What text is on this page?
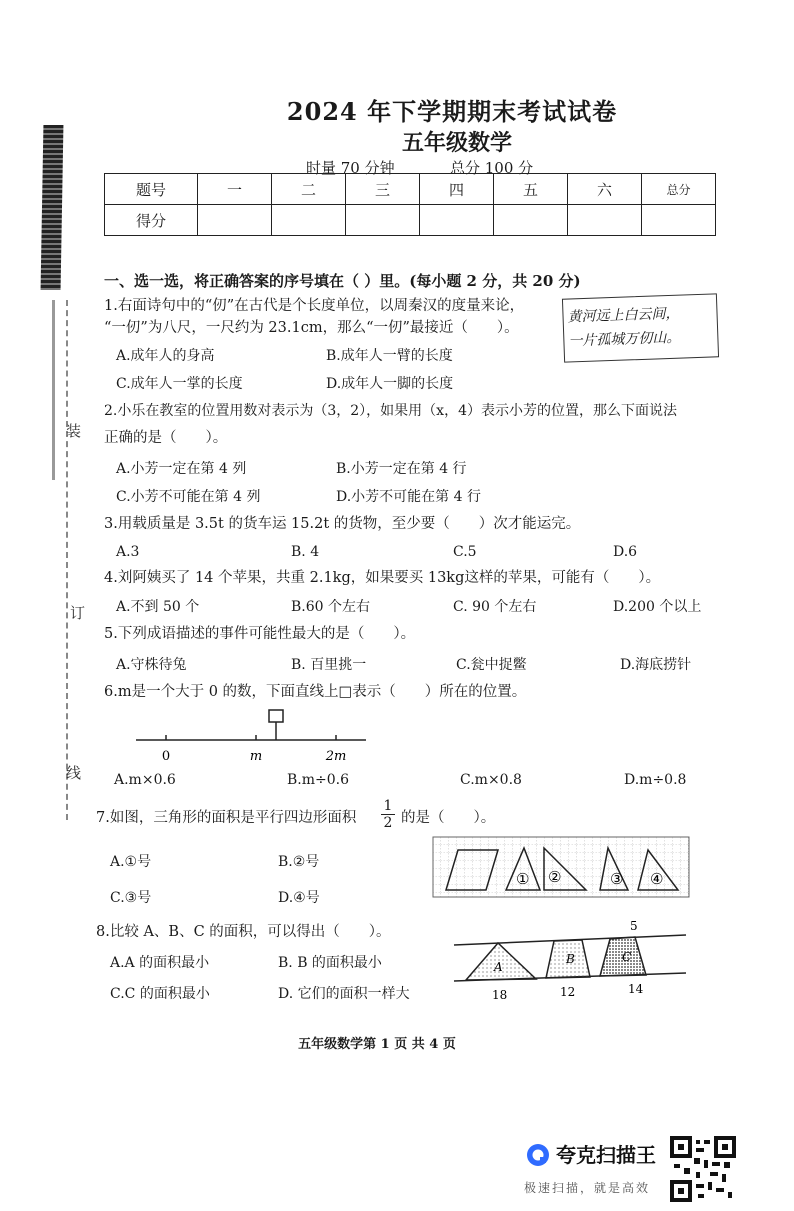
装
订
线
2024 年下学期期末考试试卷
五年级数学
时量 70 分钟	总分 100 分
题号	一	二	三	四	五	六	总分
得分							
一、选一选，将正确答案的序号填在（ ）里。(每小题 2 分，共 20 分)
1.右面诗句中的“仞”在古代是个长度单位，以周秦汉的度量来论，
“一仞”为八尺，一尺约为 23.1cm，那么“一仞”最接近（　　）。
黄河远上白云间，
一片孤城万仞山。
A.成年人的身高	B.成年人一臂的长度
C.成年人一掌的长度	D.成年人一脚的长度
2.小乐在教室的位置用数对表示为（3，2），如果用（x，4）表示小芳的位置，那么下面说法
正确的是（　　）。
A.小芳一定在第 4 列	B.小芳一定在第 4 行
C.小芳不可能在第 4 列	D.小芳不可能在第 4 行
3.用载质量是 3.5t 的货车运 15.2t 的货物，至少要（　　）次才能运完。
A.3	B. 4	C.5	D.6
4.刘阿姨买了 14 个苹果，共重 2.1kg，如果要买 13kg这样的苹果，可能有（　　）。
A.不到 50 个	B.60 个左右	C. 90 个左右	D.200 个以上
5.下列成语描述的事件可能性最大的是（　　）。
A.守株待兔	B. 百里挑一	C.瓮中捉鳖	D.海底捞针
6.m是一个大于 0 的数，下面直线上□表示（　　）所在的位置。
0	m	2m
A.m×0.6	B.m÷0.6	C.m×0.8	D.m÷0.8
7.如图，三角形的面积是平行四边形面积 $\frac{1}{2}$ 的是（　　）。
A.①号	B.②号
C.③号	D.④号
① ②	③ ④
8.比较 A、B、C 的面积，可以得出（　　）。
A.A 的面积最小	B. B 的面积最小
C.C 的面积最小	D. 它们的面积一样大
5
A
B	C
18	12	14
五年级数学第 1 页 共 4 页
夸克扫描王
极速扫描，就是高效
